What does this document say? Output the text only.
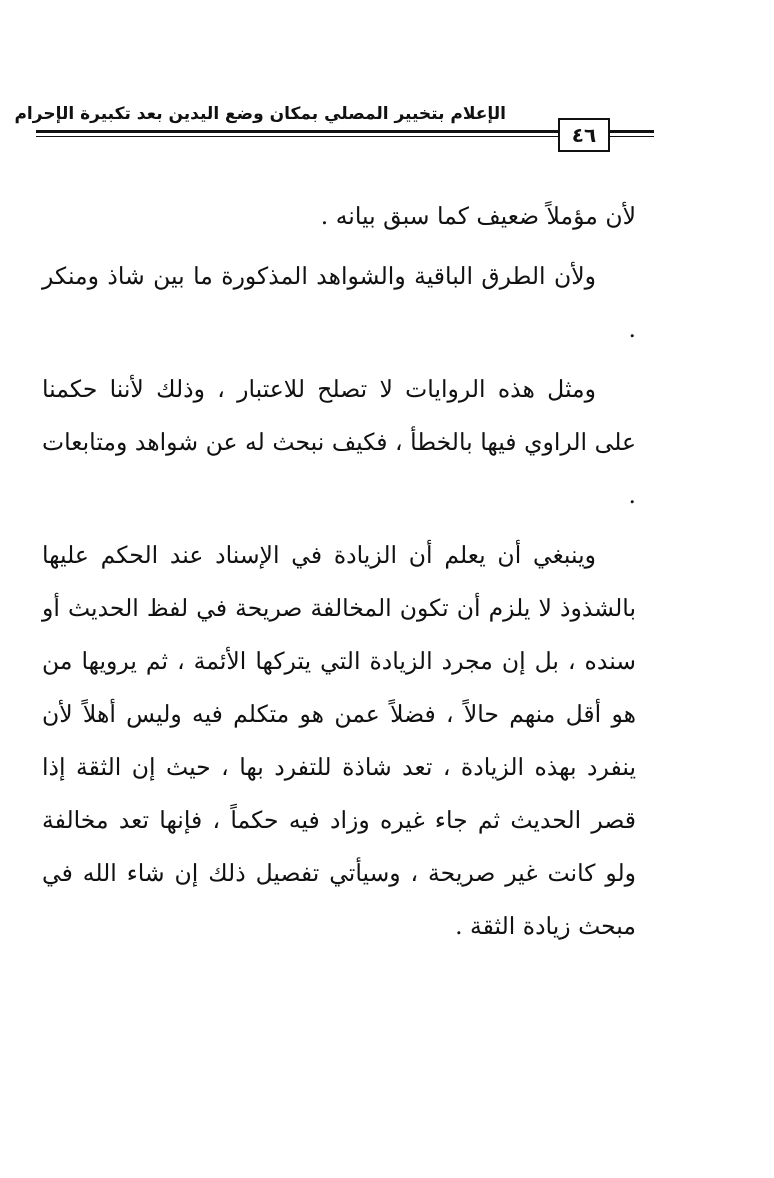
الإعلام بتخيير المصلي بمكان وضع اليدين بعد تكبيرة الإحرام
٤٦

لأن مؤملاً ضعيف كما سبق بيانه .

ولأن الطرق الباقية والشواهد المذكورة ما بين شاذ ومنكر .

ومثل هذه الروايات لا تصلح للاعتبار ، وذلك لأننا حكمنا على الراوي فيها بالخطأ ، فكيف نبحث له عن شواهد ومتابعات .

وينبغي أن يعلم أن الزيادة في الإسناد عند الحكم عليها بالشذوذ لا يلزم أن تكون المخالفة صريحة في لفظ الحديث أو سنده ، بل إن مجرد الزيادة التي يتركها الأئمة ، ثم يرويها من هو أقل منهم حالاً ، فضلاً عمن هو متكلم فيه وليس أهلاً لأن ينفرد بهذه الزيادة ، تعد شاذة للتفرد بها ، حيث إن الثقة إذا قصر الحديث ثم جاء غيره وزاد فيه حكماً ، فإنها تعد مخالفة ولو كانت غير صريحة ، وسيأتي تفصيل ذلك إن شاء الله في مبحث زيادة الثقة .
